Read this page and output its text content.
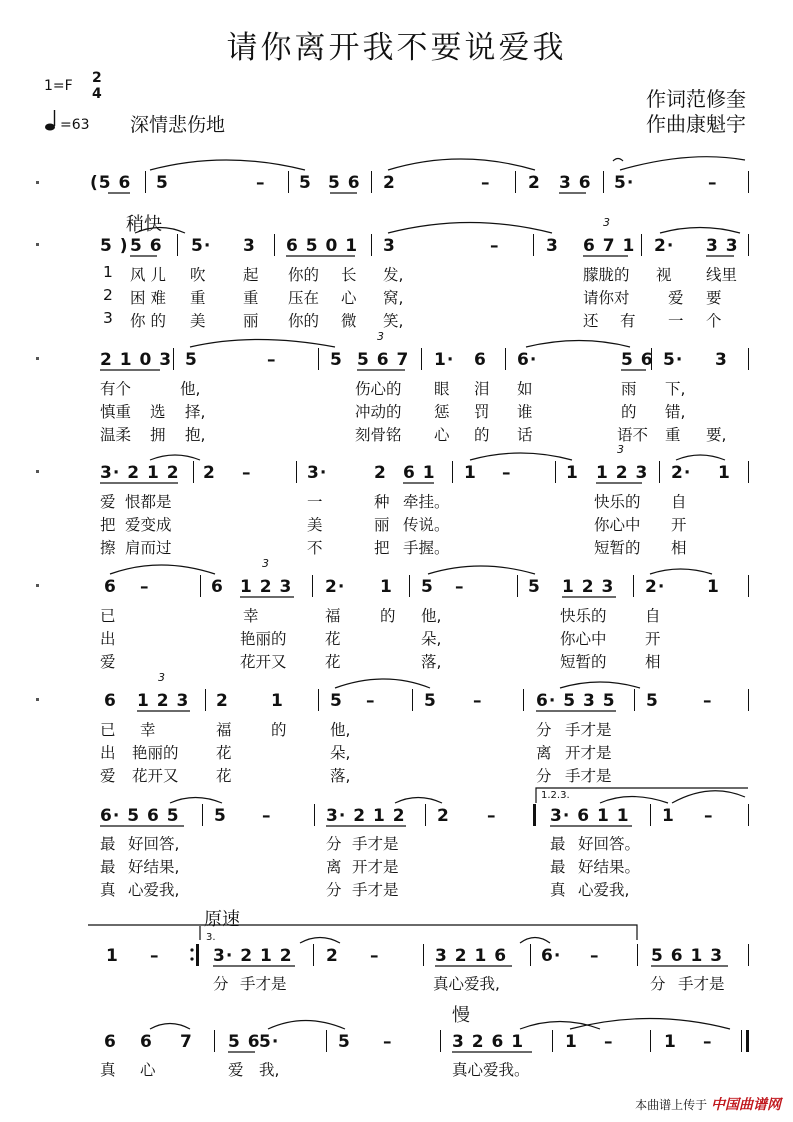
请你离开我不要说爱我
1=F 2
4
=63 深情悲伤地
作词范修奎
作曲康魁宇
(5 6 5	– 5 5 6 2	– 2 3 6 5·	–
稍快
5 ) 5 6 5· 3 6 5 0 1 3	–	3 6 7 1
3
2· 3 3
1 风儿 吹 起 你的 长 发,	朦胧的 视 线里
2 困难 重 重 压在 心 窝,	请你对 爱 要
3 你的 美 丽 你的 微 笑,	还 有 一 个
2 1 0 3 5	–	5 5 6 7
3
1· 6 6·	5 6 5· 3
有个	他,	伤心的 眼 泪 如	雨 下,
慎重 选 择,	冲动的 惩 罚 谁	的 错,
温柔 拥 抱,	刻骨铭 心 的 话	语不 重 要,
3· 2 1 2 2 –	3·	2 6 1 1 –	1 1 2 3
3
2· 1
爱 恨都是	一	种 牵挂。	快乐的 自
把 爱变成	美	丽 传说。	你心中 开
擦 肩而过	不	把 手握。	短暂的 相
6 –	6 1 2 3
3
2· 1 5 –	5 1 2 3 2· 1
已	幸	福	的 他,	快乐的 自
出	艳丽的 花	朵,	你心中 开
爱	花开又 花	落,	短暂的 相
6 1 2 3
3
2 1	5 –	5 –	6· 5 3 5 5	–
已 幸	福	的	他,	分 手才是
出 艳丽的 花	朵,	离 开才是
爱 花开又 花	落,	分 手才是
6· 5 6 5 5 –	3· 2 1 2 2 –	3· 6 1 1 1 –
1.2.3.
最 好回答,	分 手才是	最 好回答。
最 好结果,	离 开才是	最 好结果。
真 心爱我,	分 手才是	真 心爱我,
原速
1 –
3.
3· 2 1 2 2 –	3 2 1 6 6· –	5 6 1 3
分 手才是	真心爱我,	分 手才是
慢
6 6 7 5 6
5·	5 –	3 2 6 1 1 –	1 –
真 心	爱 我,	真心爱我。
本曲谱上传于 中国曲谱网
